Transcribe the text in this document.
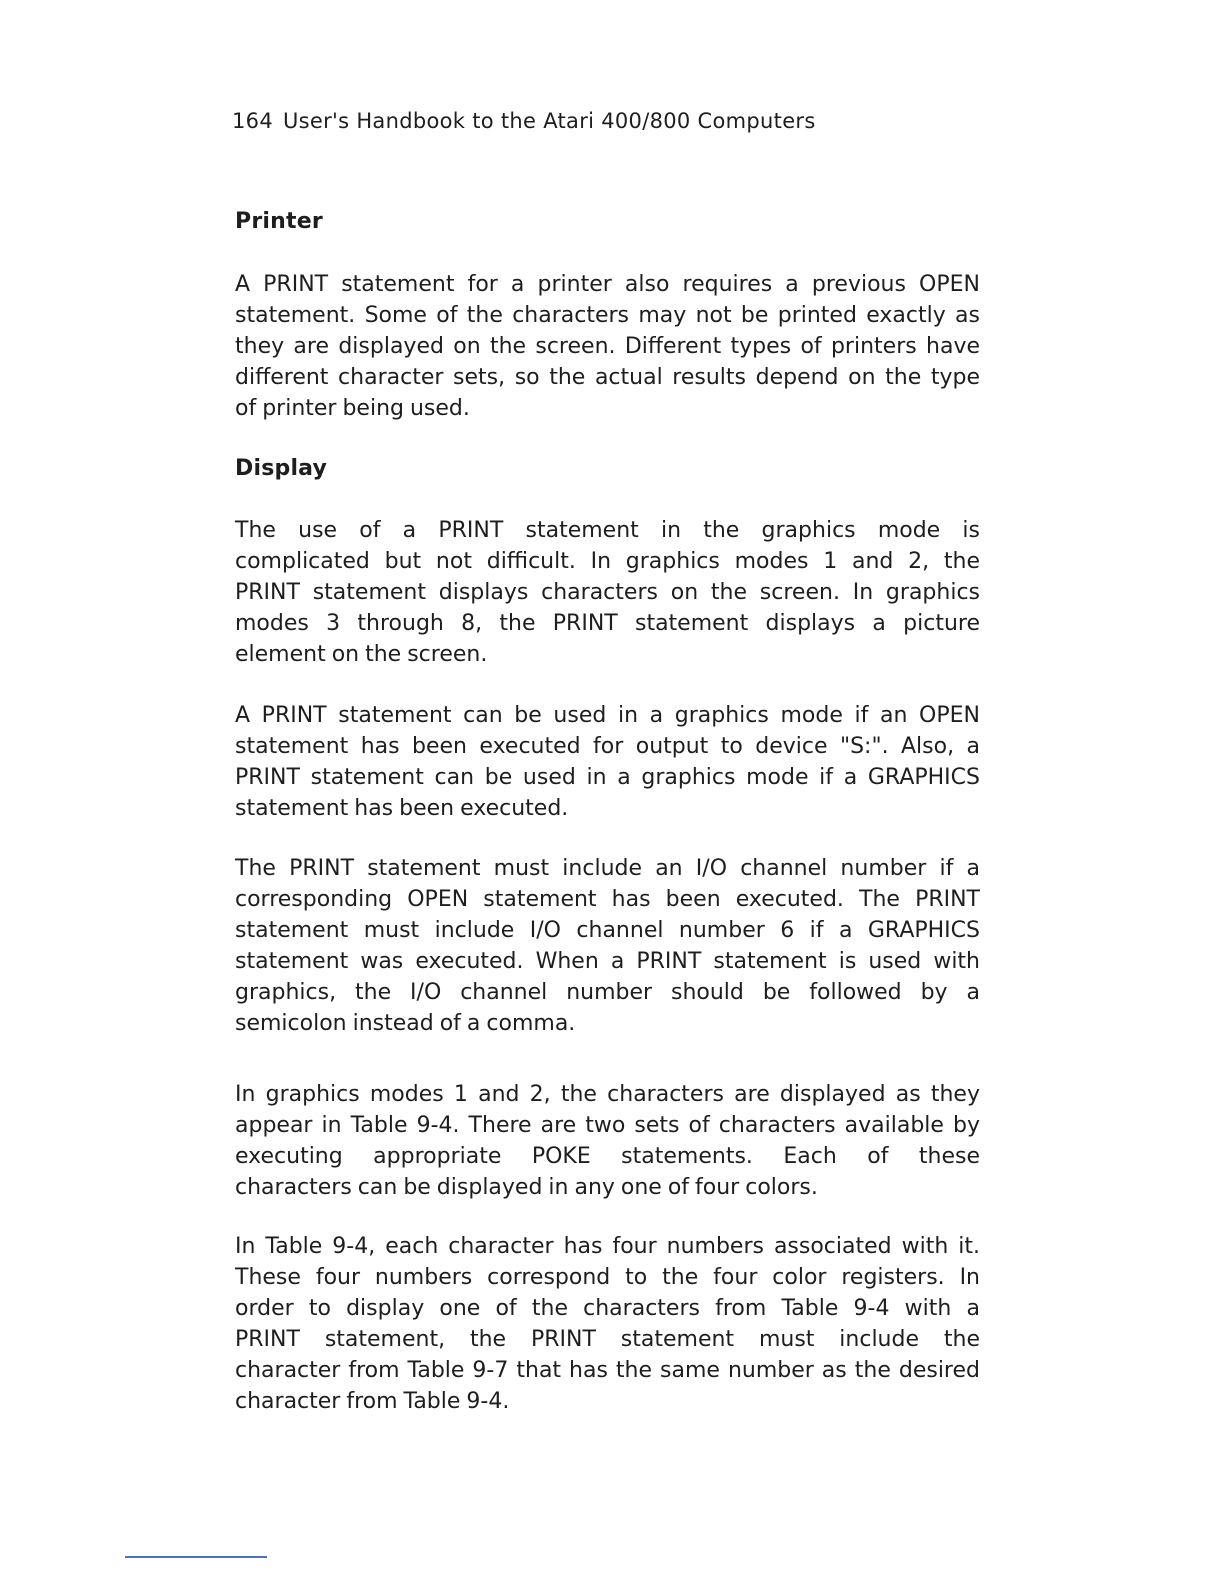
164 User's Handbook to the Atari 400/800 Computers
Printer
A PRINT statement for a printer also requires a previous OPEN
statement. Some of the characters may not be printed exactly as
they are displayed on the screen. Different types of printers have
different character sets, so the actual results depend on the type
of printer being used.
Display
The use of a PRINT statement in the graphics mode is
complicated but not difficult. In graphics modes 1 and 2, the
PRINT statement displays characters on the screen. In graphics
modes 3 through 8, the PRINT statement displays a picture
element on the screen.
A PRINT statement can be used in a graphics mode if an OPEN
statement has been executed for output to device "S:". Also, a
PRINT statement can be used in a graphics mode if a GRAPHICS
statement has been executed.
The PRINT statement must include an I/O channel number if a
corresponding OPEN statement has been executed. The PRINT
statement must include I/O channel number 6 if a GRAPHICS
statement was executed. When a PRINT statement is used with
graphics, the I/O channel number should be followed by a
semicolon instead of a comma.
In graphics modes 1 and 2, the characters are displayed as they
appear in Table 9-4. There are two sets of characters available by
executing appropriate POKE statements. Each of these
characters can be displayed in any one of four colors.
In Table 9-4, each character has four numbers associated with it.
These four numbers correspond to the four color registers. In
order to display one of the characters from Table 9-4 with a
PRINT statement, the PRINT statement must include the
character from Table 9-7 that has the same number as the desired
character from Table 9-4.
